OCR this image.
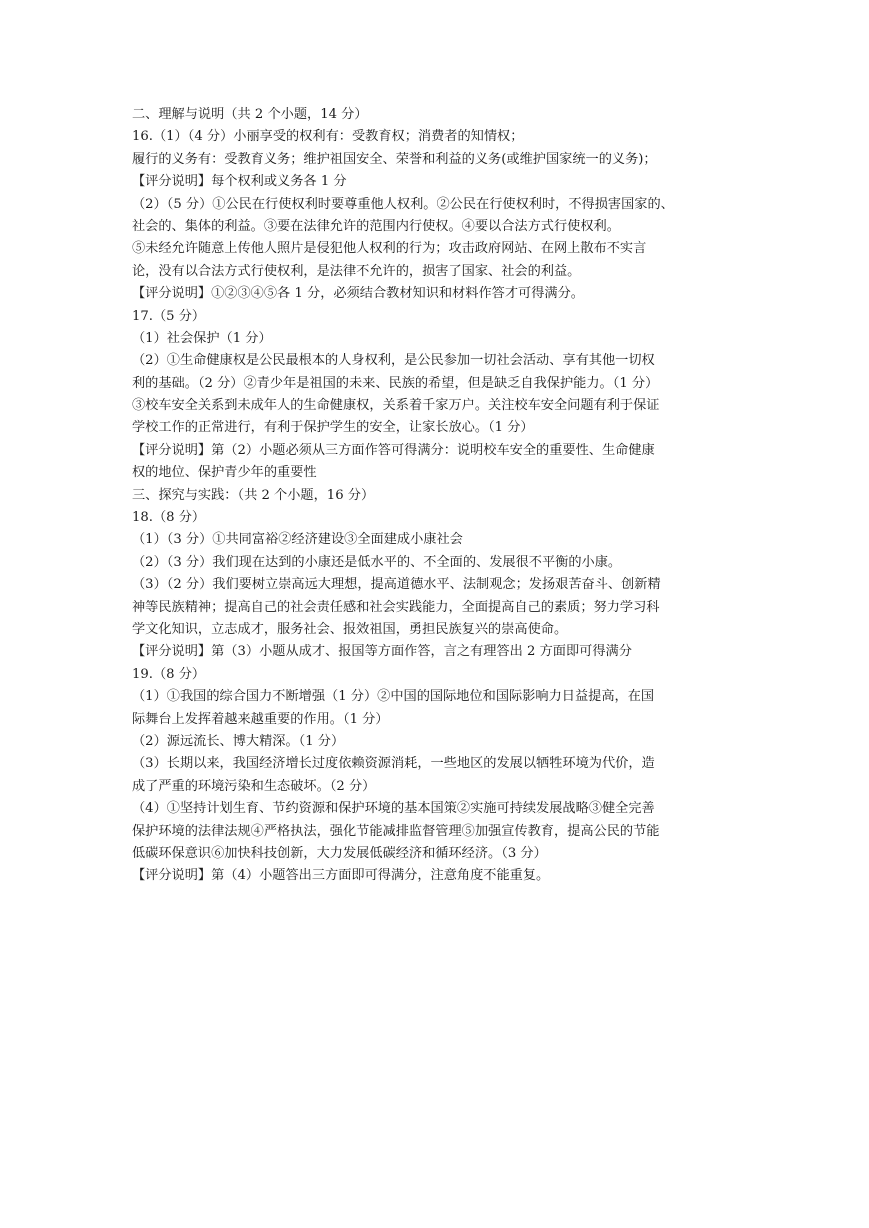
二、理解与说明（共 2 个小题，14 分）
16.（1）（4 分）小丽享受的权利有：受教育权；消费者的知情权；
履行的义务有：受教育义务；维护祖国安全、荣誉和利益的义务(或维护国家统一的义务)；
【评分说明】每个权利或义务各 1 分
（2）（5 分）①公民在行使权利时要尊重他人权利。②公民在行使权利时，不得损害国家的、
社会的、集体的利益。③要在法律允许的范围内行使权。④要以合法方式行使权利。
⑤未经允许随意上传他人照片是侵犯他人权利的行为；攻击政府网站、在网上散布不实言
论，没有以合法方式行使权利，是法律不允许的，损害了国家、社会的利益。
【评分说明】①②③④⑤各 1 分，必须结合教材知识和材料作答才可得满分。
17.（5 分）
（1）社会保护（1 分）
（2）①生命健康权是公民最根本的人身权利，是公民参加一切社会活动、享有其他一切权
利的基础。（2 分）②青少年是祖国的未来、民族的希望，但是缺乏自我保护能力。（1 分）
③校车安全关系到未成年人的生命健康权，关系着千家万户。关注校车安全问题有利于保证
学校工作的正常进行，有利于保护学生的安全，让家长放心。（1 分）
【评分说明】第（2）小题必须从三方面作答可得满分：说明校车安全的重要性、生命健康
权的地位、保护青少年的重要性
三、探究与实践：（共 2 个小题，16 分）
18.（8 分）
（1）（3 分）①共同富裕②经济建设③全面建成小康社会
（2）（3 分）我们现在达到的小康还是低水平的、不全面的、发展很不平衡的小康。
（3）（2 分）我们要树立崇高远大理想，提高道德水平、法制观念；发扬艰苦奋斗、创新精
神等民族精神；提高自己的社会责任感和社会实践能力，全面提高自己的素质；努力学习科
学文化知识，立志成才，服务社会、报效祖国，勇担民族复兴的崇高使命。
【评分说明】第（3）小题从成才、报国等方面作答，言之有理答出 2 方面即可得满分
19.（8 分）
（1）①我国的综合国力不断增强（1 分）②中国的国际地位和国际影响力日益提高，在国
际舞台上发挥着越来越重要的作用。（1 分）
（2）源远流长、博大精深。（1 分）
（3）长期以来，我国经济增长过度依赖资源消耗，一些地区的发展以牺牲环境为代价，造
成了严重的环境污染和生态破坏。（2 分）
（4）①坚持计划生育、节约资源和保护环境的基本国策②实施可持续发展战略③健全完善
保护环境的法律法规④严格执法，强化节能减排监督管理⑤加强宣传教育，提高公民的节能
低碳环保意识⑥加快科技创新，大力发展低碳经济和循环经济。（3 分）
【评分说明】第（4）小题答出三方面即可得满分，注意角度不能重复。
